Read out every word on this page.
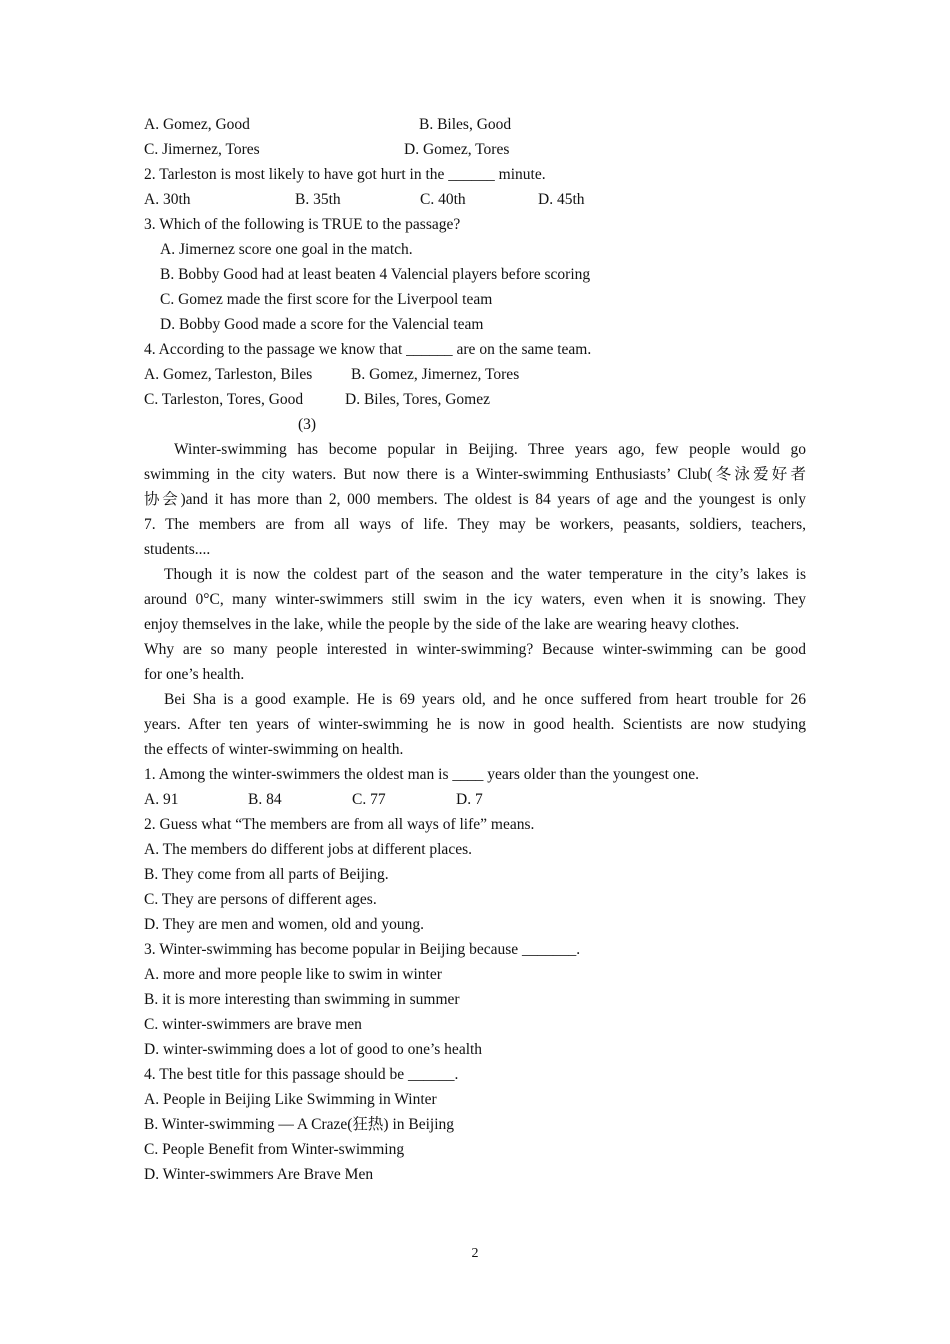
A. Gomez, Good	B. Biles, Good
C. Jimernez, Tores	D. Gomez, Tores
2. Tarleston is most likely to have got hurt in the ______ minute.
A. 30th	B. 35th	C. 40th	D. 45th
3. Which of the following is TRUE to the passage?
A. Jimernez score one goal in the match.
B. Bobby Good had at least beaten 4 Valencial players before scoring
C. Gomez made the first score for the Liverpool team
D. Bobby Good made a score for the Valencial team
4. According to the passage we know that ______ are on the same team.
A. Gomez, Tarleston, Biles	B. Gomez, Jimernez, Tores
C. Tarleston, Tores, Good	D. Biles, Tores, Gomez
(3)
Winter-swimming has become popular in Beijing. Three years ago, few people would go
swimming in the city waters. But now there is a Winter-swimming Enthusiasts’ Club(冬泳爱好者
协会)and it has more than 2, 000 members. The oldest is 84 years of age and the youngest is only
7. The members are from all ways of life. They may be workers, peasants, soldiers, teachers,
students....
Though it is now the coldest part of the season and the water temperature in the city’s lakes is
around 0°C, many winter-swimmers still swim in the icy waters, even when it is snowing. They
enjoy themselves in the lake, while the people by the side of the lake are wearing heavy clothes.
Why are so many people interested in winter-swimming? Because winter-swimming can be good
for one’s health.
Bei Sha is a good example. He is 69 years old, and he once suffered from heart trouble for 26
years. After ten years of winter-swimming he is now in good health. Scientists are now studying
the effects of winter-swimming on health.
1. Among the winter-swimmers the oldest man is ____ years older than the youngest one.
A. 91	B. 84	C. 77	D. 7
2. Guess what “The members are from all ways of life” means.
A. The members do different jobs at different places.
B. They come from all parts of Beijing.
C. They are persons of different ages.
D. They are men and women, old and young.
3. Winter-swimming has become popular in Beijing because _______.
A. more and more people like to swim in winter
B. it is more interesting than swimming in summer
C. winter-swimmers are brave men
D. winter-swimming does a lot of good to one’s health
4. The best title for this passage should be ______.
A. People in Beijing Like Swimming in Winter
B. Winter-swimming — A Craze(狂热) in Beijing
C. People Benefit from Winter-swimming
D. Winter-swimmers Are Brave Men
2
